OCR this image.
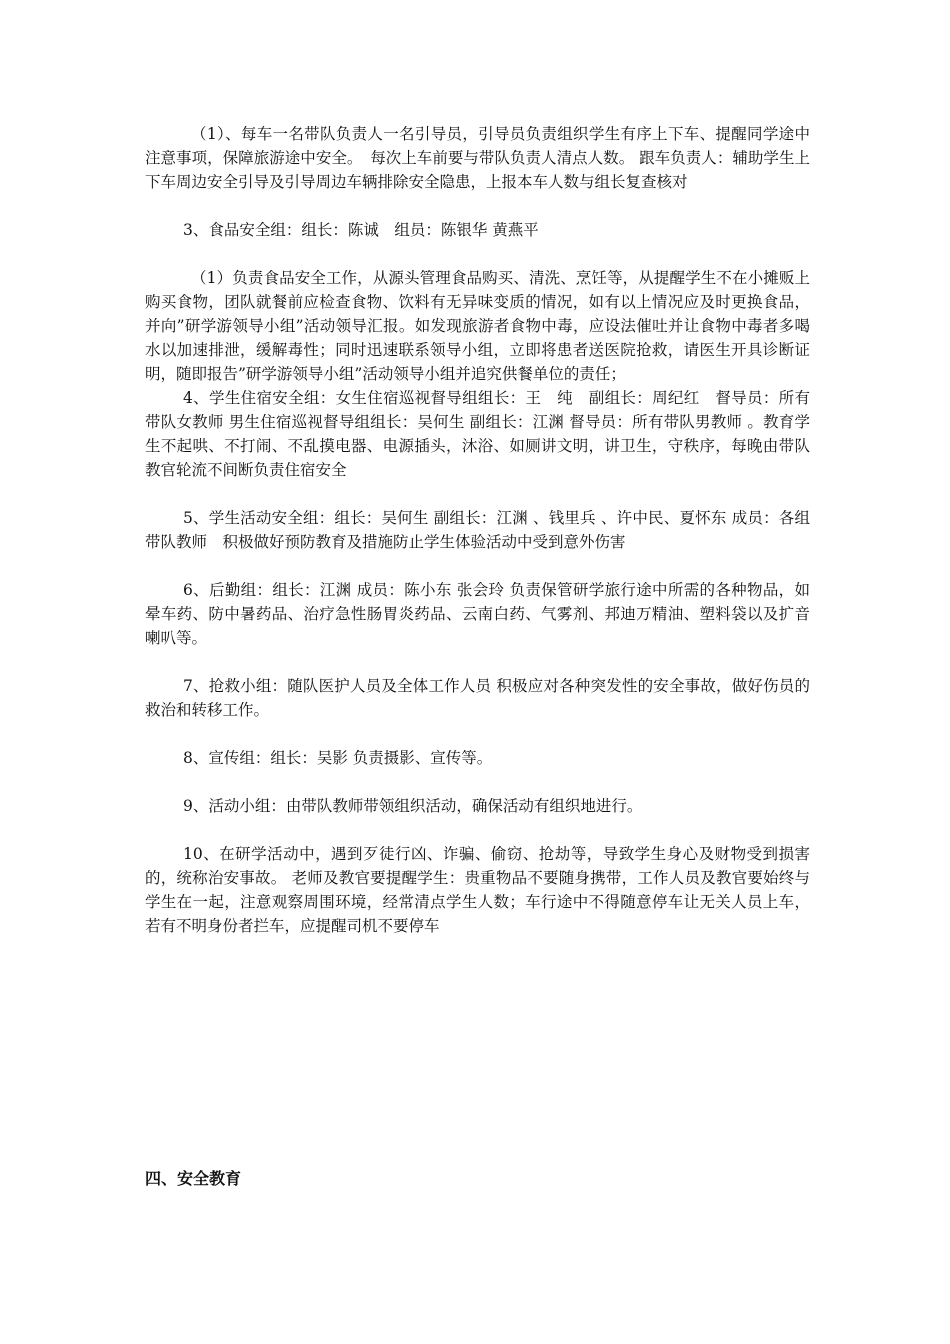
（1）、每车一名带队负责人一名引导员，引导员负责组织学生有序上下车、提醒同学途中注意事项，保障旅游途中安全。　每次上车前要与带队负责人清点人数。 跟车负责人：辅助学生上下车周边安全引导及引导周边车辆排除安全隐患，上报本车人数与组长复查核对

3、食品安全组：组长：陈诚　组员：陈银华 黄燕平

（1）负责食品安全工作，从源头管理食品购买、清洗、烹饪等，从提醒学生不在小摊贩上购买食物，团队就餐前应检查食物、饮料有无异味变质的情况，如有以上情况应及时更换食品，并向”研学游领导小组”活动领导汇报。如发现旅游者食物中毒，应设法催吐并让食物中毒者多喝水以加速排泄，缓解毒性；同时迅速联系领导小组，立即将患者送医院抢救，请医生开具诊断证明，随即报告”研学游领导小组”活动领导小组并追究供餐单位的责任；

4、学生住宿安全组：女生住宿巡视督导组组长：王　纯　副组长：周纪红　督导员：所有带队女教师 男生住宿巡视督导组组长：吴何生 副组长：江渊 督导员：所有带队男教师 。教育学生不起哄、不打闹、不乱摸电器、电源插头，沐浴、如厕讲文明，讲卫生，守秩序，每晚由带队教官轮流不间断负责住宿安全

5、学生活动安全组：组长：吴何生 副组长：江渊 、钱里兵 、许中民、夏怀东 成员：各组带队教师　积极做好预防教育及措施防止学生体验活动中受到意外伤害

6、后勤组：组长：江渊 成员：陈小东 张会玲 负责保管研学旅行途中所需的各种物品，如晕车药、防中暑药品、治疗急性肠胃炎药品、云南白药、气雾剂、邦迪万精油、塑料袋以及扩音喇叭等。

7、抢救小组：随队医护人员及全体工作人员 积极应对各种突发性的安全事故，做好伤员的救治和转移工作。

8、宣传组：组长：吴影 负责摄影、宣传等。

9、活动小组：由带队教师带领组织活动，确保活动有组织地进行。

10、在研学活动中，遇到歹徒行凶、诈骗、偷窃、抢劫等，导致学生身心及财物受到损害的，统称治安事故。 老师及教官要提醒学生：贵重物品不要随身携带，工作人员及教官要始终与学生在一起，注意观察周围环境，经常清点学生人数；车行途中不得随意停车让无关人员上车，若有不明身份者拦车，应提醒司机不要停车

四、安全教育
